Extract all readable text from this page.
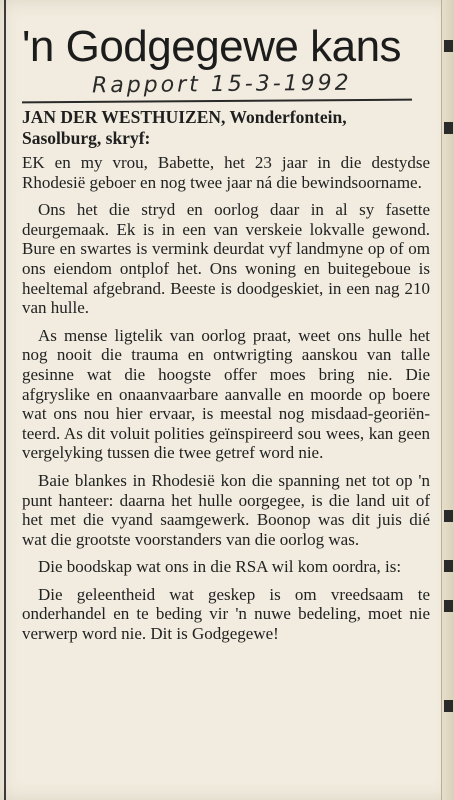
'n Godgegewe kans
Rapport 15-3-1992
JAN DER WESTHUIZEN, Wonderfontein, Sasolburg, skryf:

EK en my vrou, Babette, het 23 jaar in die destydse Rhodesië geboer en nog twee jaar ná die bewindsoorname.

Ons het die stryd en oorlog daar in al sy fasette deurgemaak. Ek is in een van verskeie lokvalle gewond. Bure en swartes is vermink deurdat vyf landmyne op of om ons eiendom ontplof het. Ons woning en buitegeboue is heeltemal afgebrand. Beeste is doodgeskiet, in een nag 210 van hulle.

As mense ligtelik van oorlog praat, weet ons hulle het nog nooit die trauma en ontwrigting aanskou van talle gesinne wat die hoogste offer moes bring nie. Die afgryslike en onaanvaarbare aanvalle en moorde op boere wat ons nou hier ervaar, is meestal nog misdaad-georiënteerd. As dit voluit polities geïnspireerd sou wees, kan geen vergelyking tussen die twee getref word nie.

Baie blankes in Rhodesië kon die spanning net tot op 'n punt hanteer: daarna het hulle oorgegee, is die land uit of het met die vyand saamgewerk. Boonop was dit juis dié wat die grootste voorstanders van die oorlog was.

Die boodskap wat ons in die RSA wil kom oordra, is:

Die geleentheid wat geskep is om vreedsaam te onderhandel en te beding vir 'n nuwe bedeling, moet nie verwerp word nie. Dit is Godgegewe!
